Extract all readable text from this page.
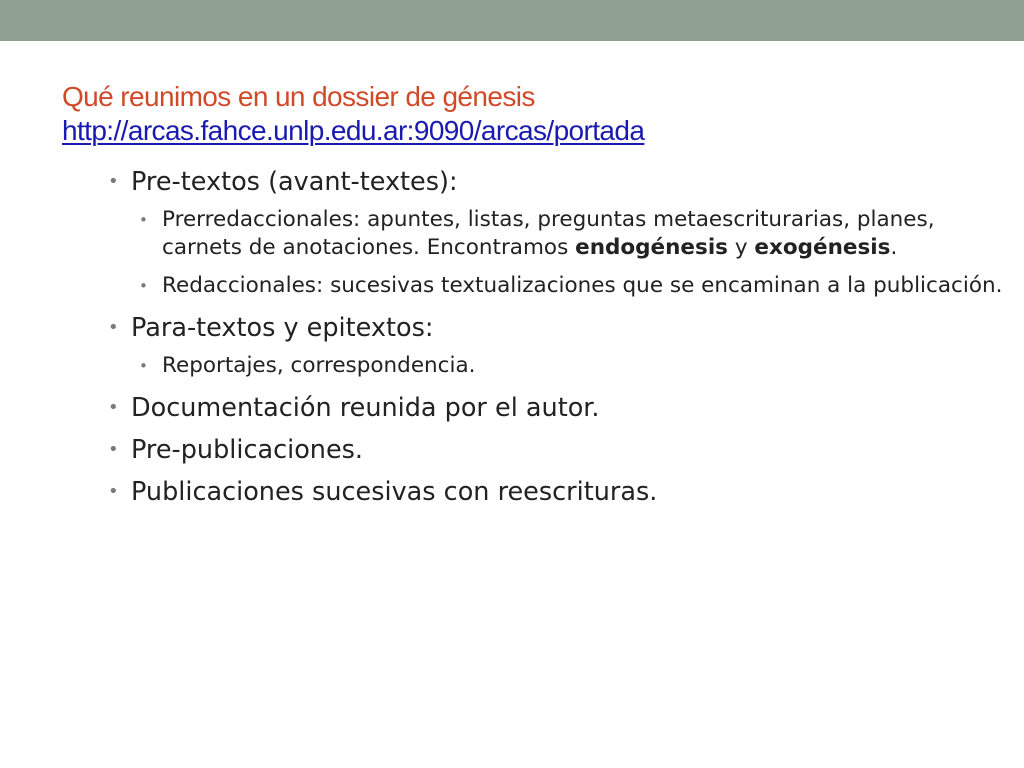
Qué reunimos en un dossier de génesis
http://arcas.fahce.unlp.edu.ar:9090/arcas/portada
• Pre-textos (avant-textes):
• Prerredaccionales: apuntes, listas, preguntas metaescriturarias, planes, carnets de anotaciones. Encontramos endogénesis y exogénesis.
• Redaccionales: sucesivas textualizaciones que se encaminan a la publicación.
• Para-textos y epitextos:
• Reportajes, correspondencia.
• Documentación reunida por el autor.
• Pre-publicaciones.
• Publicaciones sucesivas con reescrituras.
